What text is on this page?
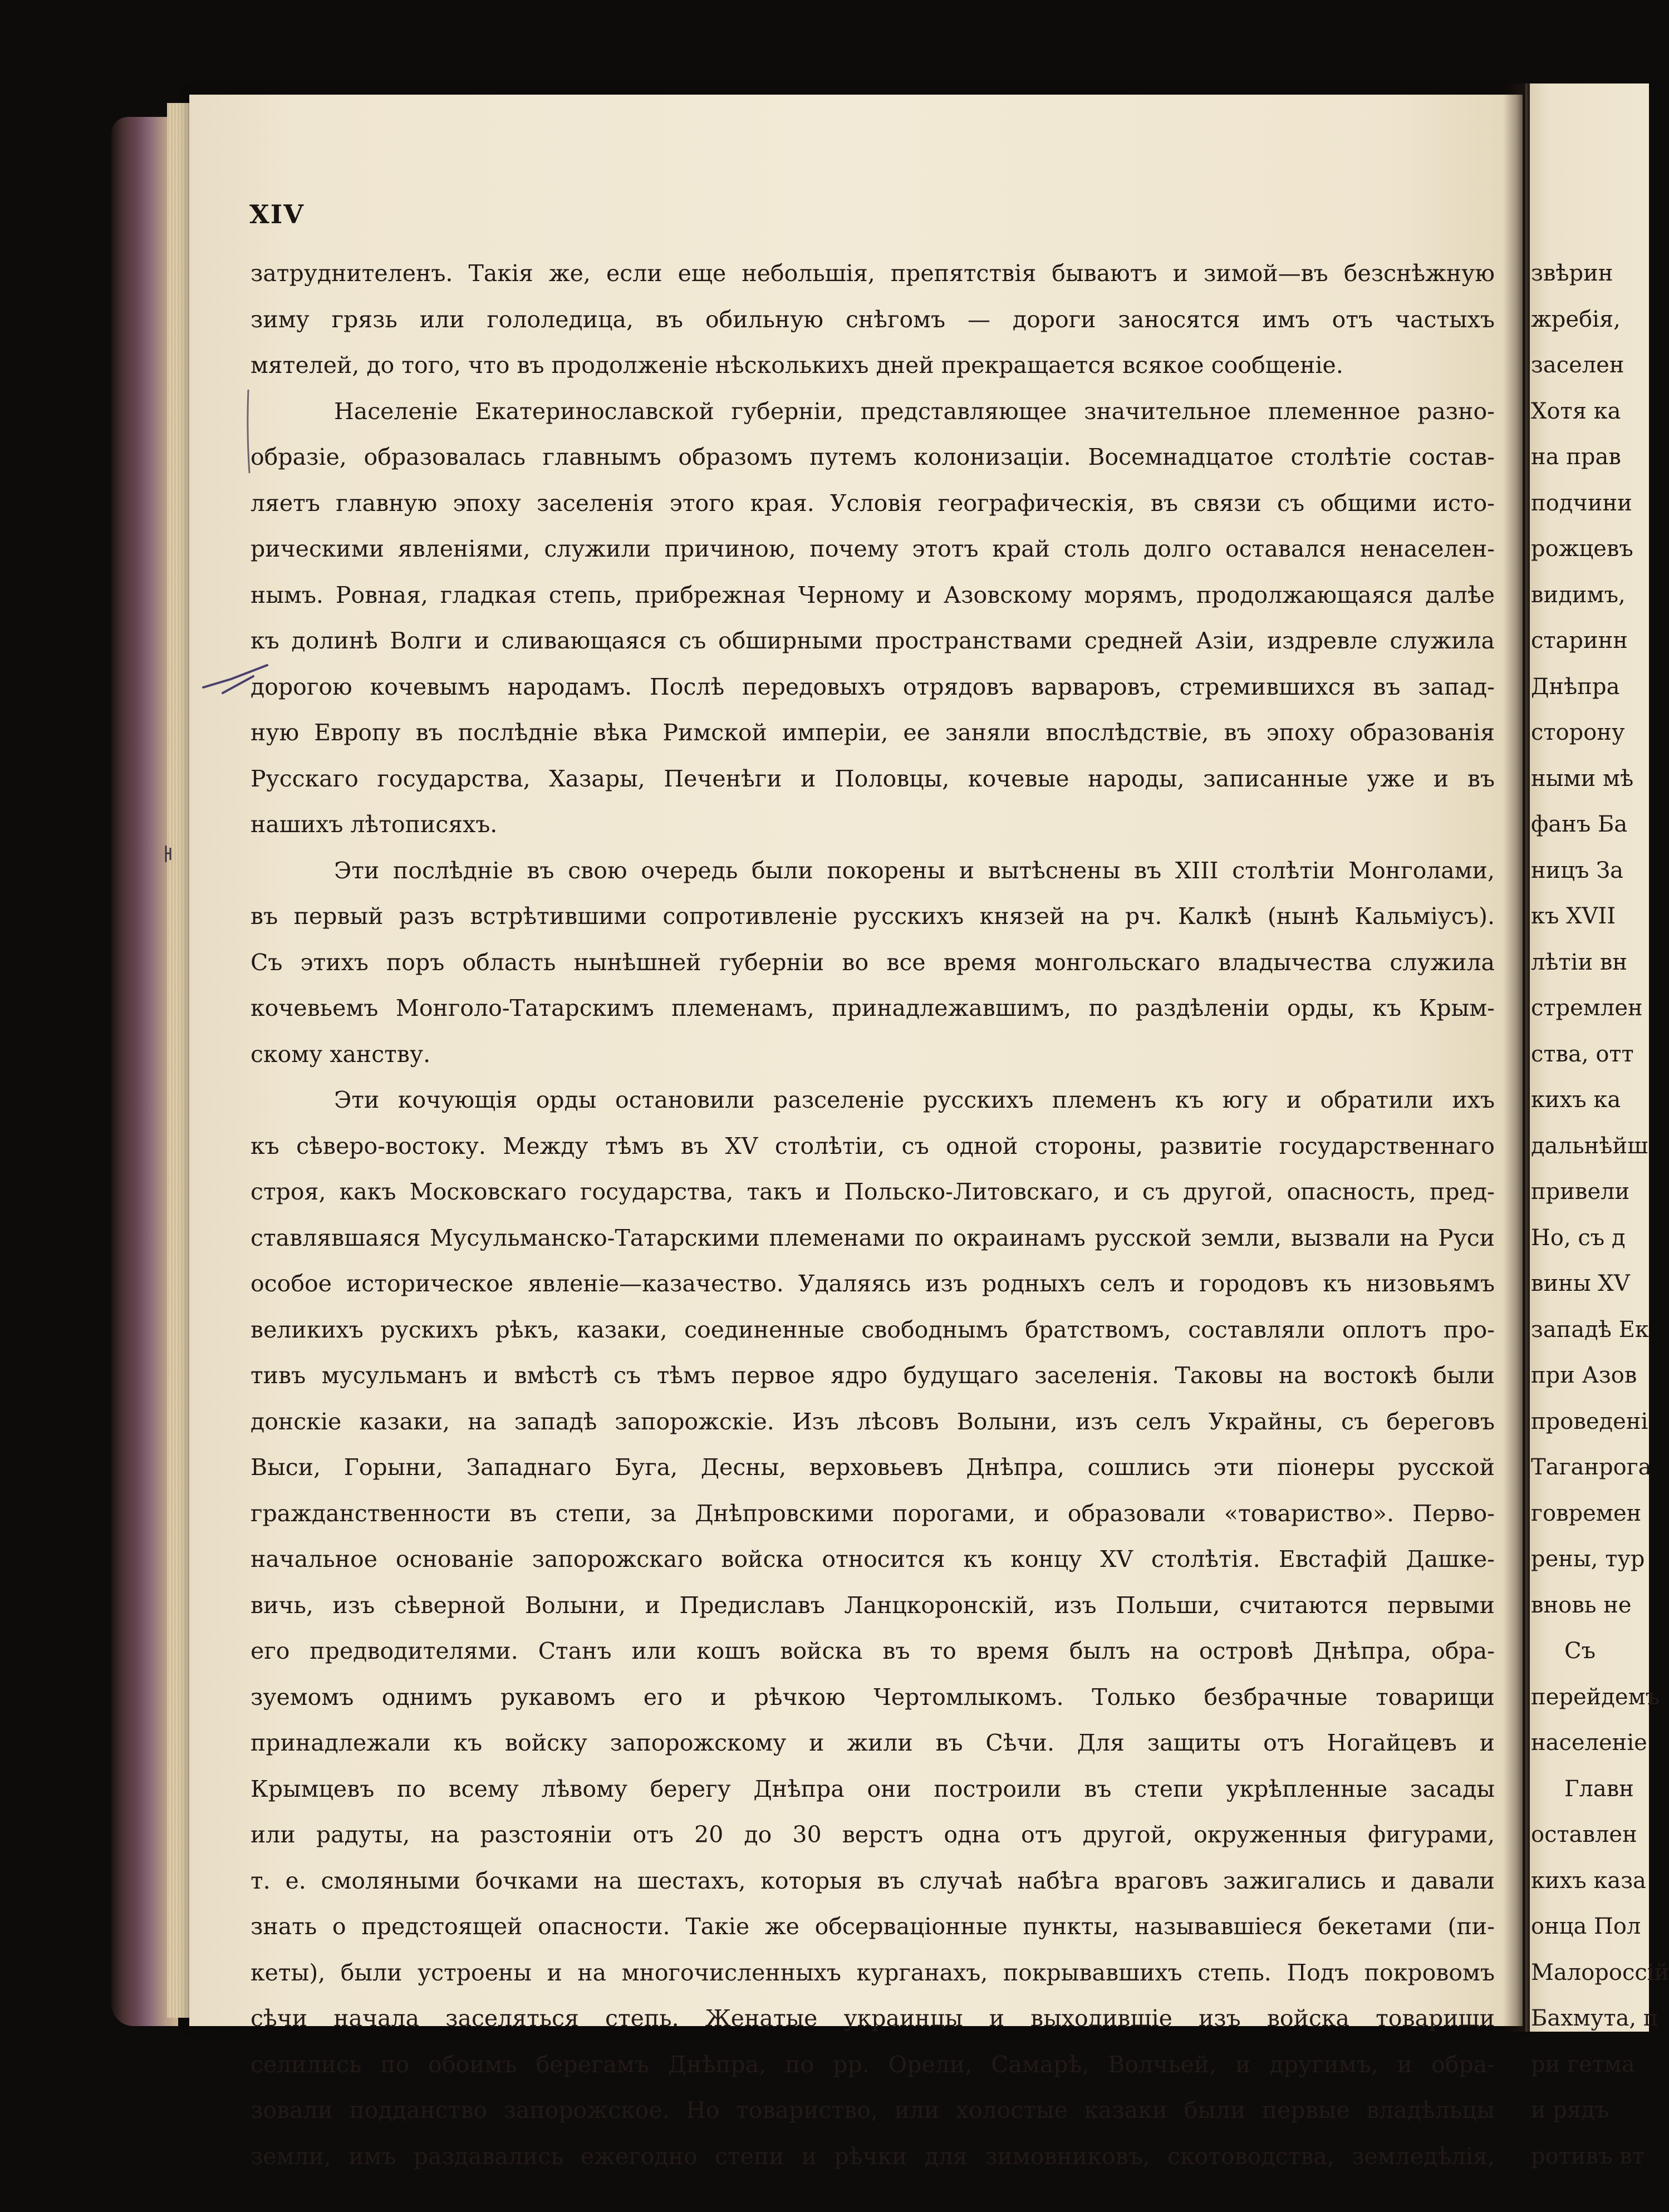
XIV
затруднителенъ. Такія же, если еще небольшія, препятствія бываютъ и зимой—въ безснѣжную
зиму грязь или гололедица, въ обильную снѣгомъ — дороги заносятся имъ отъ частыхъ
мятелей, до того, что въ продолженіе нѣсколькихъ дней прекращается всякое сообщеніе.
Населеніе Екатеринославской губерніи, представляющее значительное племенное разно-
образіе, образовалась главнымъ образомъ путемъ колонизаціи. Восемнадцатое столѣтіе состав-
ляетъ главную эпоху заселенія этого края. Условія географическія, въ связи съ общими исто-
рическими явленіями, служили причиною, почему этотъ край столь долго оставался ненаселен-
нымъ. Ровная, гладкая степь, прибрежная Черному и Азовскому морямъ, продолжающаяся далѣе
къ долинѣ Волги и сливающаяся съ обширными пространствами средней Азіи, издревле служила
дорогою кочевымъ народамъ. Послѣ передовыхъ отрядовъ варваровъ, стремившихся въ запад-
ную Европу въ послѣдніе вѣка Римской имперіи, ее заняли впослѣдствіе, въ эпоху образованія
Русскаго государства, Хазары, Печенѣги и Половцы, кочевые народы, записанные уже и въ
нашихъ лѣтописяхъ.
Эти послѣдніе въ свою очередь были покорены и вытѣснены въ XIII столѣтіи Монголами,
въ первый разъ встрѣтившими сопротивленіе русскихъ князей на рч. Калкѣ (нынѣ Кальміусъ).
Съ этихъ поръ область нынѣшней губерніи во все время монгольскаго владычества служила
кочевьемъ Монголо-Татарскимъ племенамъ, принадлежавшимъ, по раздѣленіи орды, къ Крым-
скому ханству.
Эти кочующія орды остановили разселеніе русскихъ племенъ къ югу и обратили ихъ
къ сѣверо-востоку. Между тѣмъ въ XV столѣтіи, съ одной стороны, развитіе государственнаго
строя, какъ Московскаго государства, такъ и Польско-Литовскаго, и съ другой, опасность, пред-
ставлявшаяся Мусульманско-Татарскими племенами по окраинамъ русской земли, вызвали на Руси
особое историческое явленіе—казачество. Удаляясь изъ родныхъ селъ и городовъ къ низовьямъ
великихъ рускихъ рѣкъ, казаки, соединенные свободнымъ братствомъ, составляли оплотъ про-
тивъ мусульманъ и вмѣстѣ съ тѣмъ первое ядро будущаго заселенія. Таковы на востокѣ были
донскіе казаки, на западѣ запорожскіе. Изъ лѣсовъ Волыни, изъ селъ Украйны, съ береговъ
Выси, Горыни, Западнаго Буга, Десны, верховьевъ Днѣпра, сошлись эти піонеры русской
гражданственности въ степи, за Днѣпровскими порогами, и образовали «товариство». Перво-
начальное основаніе запорожскаго войска относится къ концу XV столѣтія. Евстафій Дашке-
вичь, изъ сѣверной Волыни, и Предиславъ Ланцкоронскій, изъ Польши, считаются первыми
его предводителями. Станъ или кошъ войска въ то время былъ на островѣ Днѣпра, обра-
зуемомъ однимъ рукавомъ его и рѣчкою Чертомлыкомъ. Только безбрачные товарищи
принадлежали къ войску запорожскому и жили въ Сѣчи. Для защиты отъ Ногайцевъ и
Крымцевъ по всему лѣвому берегу Днѣпра они построили въ степи укрѣпленные засады
или радуты, на разстояніи отъ 20 до 30 верстъ одна отъ другой, окруженныя фигурами,
т. е. смоляными бочками на шестахъ, которыя въ случаѣ набѣга враговъ зажигались и давали
знать о предстоящей опасности. Такіе же обсерваціонные пункты, называвшіеся бекетами (пи-
кеты), были устроены и на многочисленныхъ курганахъ, покрывавшихъ степь. Подъ покровомъ
сѣчи начала заселяться степь. Женатые украинцы и выходившіе изъ войска товарищи
селились по обоимъ берегамъ Днѣпра, по рр. Орели, Самарѣ, Волчьей, и другимъ, и обра-
зовали подданство запорожское. Но товариство, или холостые казаки были первые владѣльцы
земли, имъ раздавались ежегодно степи и рѣчки для зимовниковъ, скотоводства, земледѣлія,
звѣрин
жребія,
заселен
Хотя ка
на прав
подчини
рожцевъ
видимъ,
старинн
Днѣпра
сторону
ными мѣ
фанъ Ба
ницъ За
къ XVII
лѣтіи вн
стремлен
ства, отт
кихъ ка
дальнѣйш
привели
Но, съ д
вины XV
западѣ Ек
при Азов
проведені
Таганрога
говремен
рены, тур
вновь не
Съ
перейдемъ
населеніе
Главн
оставлен
кихъ каза
онца Пол
Малороссій
Бахмута, п
ри гетма
и рядъ
ротивъ вт
